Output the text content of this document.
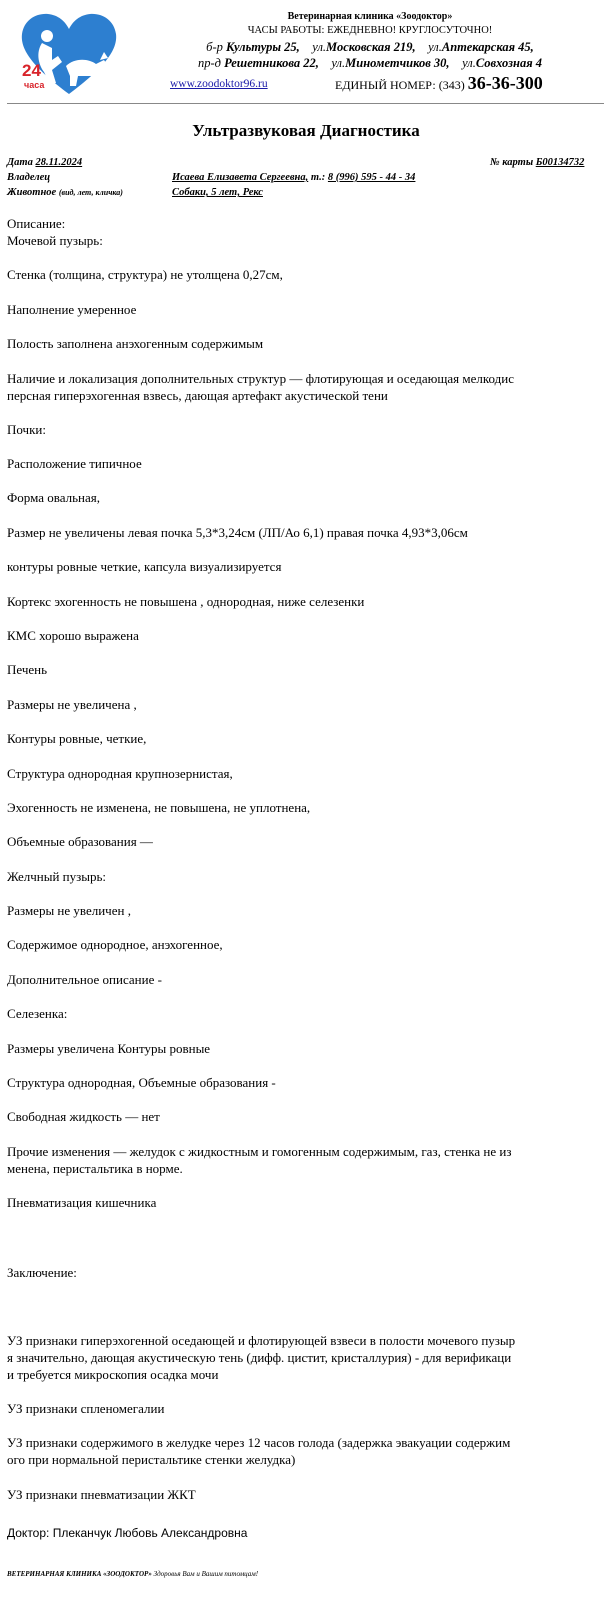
24
часа
Ветеринарная клиника «Зоодоктор»
ЧАСЫ РАБОТЫ: ЕЖЕДНЕВНО! КРУГЛОСУТОЧНО!
б-р Культуры 25, ул.Московская 219, ул.Аптекарская 45,
пр-д Решетникова 22, ул.Минометчиков 30, ул.Совхозная 4
www.zoodoktor96.ru	ЕДИНЫЙ НОМЕР: (343) 36-36-300
Ультразвуковая Диагностика
Дата 28.11.2024	№ карты Б00134732
Владелец	Исаева Елизавета Сергеевна, т.: 8 (996) 595 - 44 - 34
Животное (вид, лет, кличка)	Собаки, 5 лет, Рекс
Описание:
Мочевой пузырь:
Стенка (толщина, структура) не утолщена 0,27см,
Наполнение умеренное
Полость заполнена анэхогенным содержимым
Наличие и локализация дополнительных структур — флотирующая и оседающая мелкодис
персная гиперэхогенная взвесь, дающая артефакт акустической тени
Почки:
Расположение типичное
Форма овальная,
Размер не увеличены левая почка 5,3*3,24см (ЛП/Ао 6,1) правая почка 4,93*3,06см
контуры ровные четкие, капсула визуализируется
Кортекс эхогенность не повышена , однородная, ниже селезенки
КМС хорошо выражена
Печень
Размеры не увеличена ,
Контуры ровные, четкие,
Структура однородная крупнозернистая,
Эхогенность не изменена, не повышена, не уплотнена,
Объемные образования —
Желчный пузырь:
Размеры не увеличен ,
Содержимое однородное, анэхогенное,
Дополнительное описание -
Селезенка:
Размеры увеличена Контуры ровные
Структура однородная, Объемные образования -
Свободная жидкость — нет
Прочие изменения — желудок с жидкостным и гомогенным содержимым, газ, стенка не из
менена, перистальтика в норме.
Пневматизация кишечника
Заключение:
УЗ признаки гиперэхогенной оседающей и флотирующей взвеси в полости мочевого пузыр
я значительно, дающая акустическую тень (дифф. цистит, кристаллурия) - для верификаци
и требуется микроскопия осадка мочи
УЗ признаки спленомегалии
УЗ признаки содержимого в желудке через 12 часов голода (задержка эвакуации содержим
ого при нормальной перистальтике стенки желудка)
УЗ признаки пневматизации ЖКТ
Доктор: Плеканчук Любовь Александровна
ВЕТЕРИНАРНАЯ КЛИНИКА «ЗООДОКТОР» Здоровья Вам и Вашим питомцам!
